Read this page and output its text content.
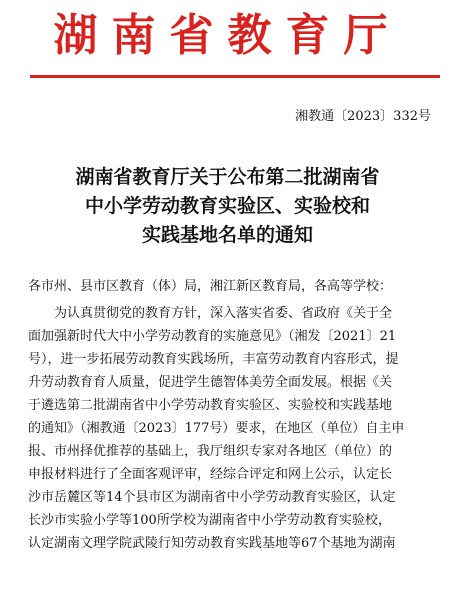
湖南省教育厅
湘教通〔2023〕332号
湖南省教育厅关于公布第二批湖南省
中小学劳动教育实验区、实验校和
实践基地名单的通知
各市州、县市区教育（体）局，湘江新区教育局，各高等学校：
为认真贯彻党的教育方针，深入落实省委、省政府《关于全
面加强新时代大中小学劳动教育的实施意见》（湘发〔2021〕21
号），进一步拓展劳动教育实践场所，丰富劳动教育内容形式，提
升劳动教育育人质量，促进学生德智体美劳全面发展。根据《关
于遴选第二批湖南省中小学劳动教育实验区、实验校和实践基地
的通知》（湘教通〔2023〕177号）要求，在地区（单位）自主申
报、市州择优推荐的基础上，我厅组织专家对各地区（单位）的
申报材料进行了全面客观评审，经综合评定和网上公示，认定长
沙市岳麓区等14个县市区为湖南省中小学劳动教育实验区，认定
长沙市实验小学等100所学校为湖南省中小学劳动教育实验校，
认定湖南文理学院武陵行知劳动教育实践基地等67个基地为湖南
